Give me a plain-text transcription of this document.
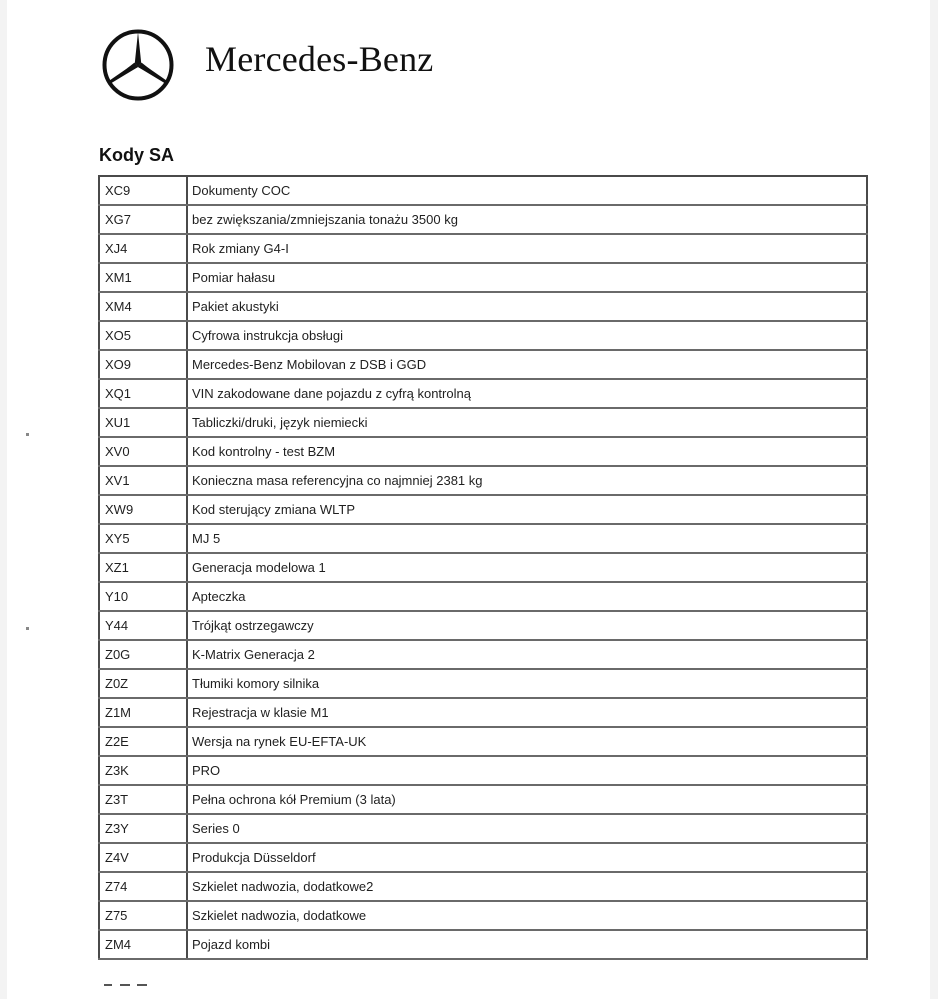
Mercedes-Benz
Kody SA
XC9	Dokumenty COC
XG7	bez zwiększania/zmniejszania tonażu 3500 kg
XJ4	Rok zmiany G4-I
XM1	Pomiar hałasu
XM4	Pakiet akustyki
XO5	Cyfrowa instrukcja obsługi
XO9	Mercedes-Benz Mobilovan z DSB i GGD
XQ1	VIN zakodowane dane pojazdu z cyfrą kontrolną
XU1	Tabliczki/druki, język niemiecki
XV0	Kod kontrolny - test BZM
XV1	Konieczna masa referencyjna co najmniej 2381 kg
XW9	Kod sterujący zmiana WLTP
XY5	MJ 5
XZ1	Generacja modelowa 1
Y10	Apteczka
Y44	Trójkąt ostrzegawczy
Z0G	K-Matrix Generacja 2
Z0Z	Tłumiki komory silnika
Z1M	Rejestracja w klasie M1
Z2E	Wersja na rynek EU-EFTA-UK
Z3K	PRO
Z3T	Pełna ochrona kół Premium (3 lata)
Z3Y	Series 0
Z4V	Produkcja Düsseldorf
Z74	Szkielet nadwozia, dodatkowe2
Z75	Szkielet nadwozia, dodatkowe
ZM4	Pojazd kombi
